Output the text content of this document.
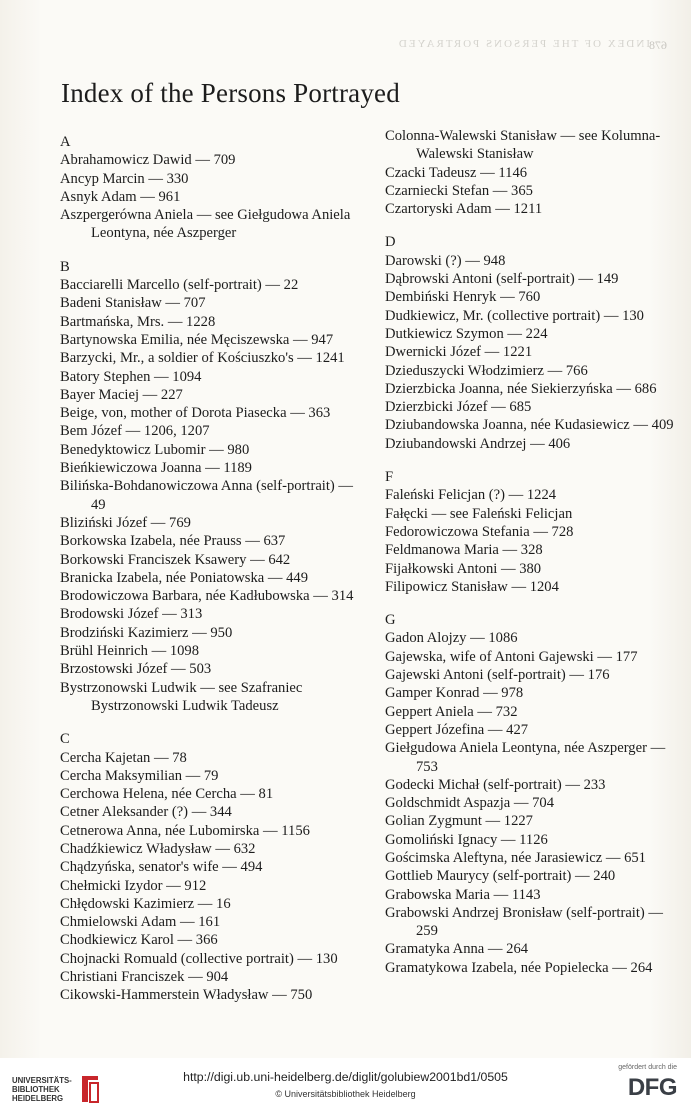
INDEX OF THE PERSONS PORTRAYED 678
Index of the Persons Portrayed
A
Abrahamowicz Dawid — 709
Ancyp Marcin — 330
Asnyk Adam — 961
Aszpergerówna Aniela — see Giełgudowa Aniela Leontyna, née Aszperger
B
Bacciarelli Marcello (self-portrait) — 22
Badeni Stanisław — 707
Bartmańska, Mrs. — 1228
Bartynowska Emilia, née Męciszewska — 947
Barzycki, Mr., a soldier of Kościuszko's — 1241
Batory Stephen — 1094
Bayer Maciej — 227
Beige, von, mother of Dorota Piasecka — 363
Bem Józef — 1206, 1207
Benedyktowicz Lubomir — 980
Bieńkiewiczowa Joanna — 1189
Bilińska-Bohdanowiczowa Anna (self-portrait) — 49
Bliziński Józef — 769
Borkowska Izabela, née Prauss — 637
Borkowski Franciszek Ksawery — 642
Branicka Izabela, née Poniatowska — 449
Brodowiczowa Barbara, née Kadłubowska — 314
Brodowski Józef — 313
Brodziński Kazimierz — 950
Brühl Heinrich — 1098
Brzostowski Józef — 503
Bystrzonowski Ludwik — see Szafraniec Bystrzonowski Ludwik Tadeusz
C
Cercha Kajetan — 78
Cercha Maksymilian — 79
Cerchowa Helena, née Cercha — 81
Cetner Aleksander (?) — 344
Cetnerowa Anna, née Lubomirska — 1156
Chadźkiewicz Władysław — 632
Chądzyńska, senator's wife — 494
Chełmicki Izydor — 912
Chłędowski Kazimierz — 16
Chmielowski Adam — 161
Chodkiewicz Karol — 366
Chojnacki Romuald (collective portrait) — 130
Christiani Franciszek — 904
Cikowski-Hammerstein Władysław — 750
Colonna-Walewski Stanisław — see Kolumna-Walewski Stanisław
Czacki Tadeusz — 1146
Czarniecki Stefan — 365
Czartoryski Adam — 1211
D
Darowski (?) — 948
Dąbrowski Antoni (self-portrait) — 149
Dembiński Henryk — 760
Dudkiewicz, Mr. (collective portrait) — 130
Dutkiewicz Szymon — 224
Dwernicki Józef — 1221
Dzieduszycki Włodzimierz — 766
Dzierzbicka Joanna, née Siekierzyńska — 686
Dzierzbicki Józef — 685
Dziubandowska Joanna, née Kudasiewicz — 409
Dziubandowski Andrzej — 406
F
Faleński Felicjan (?) — 1224
Fałęcki — see Faleński Felicjan
Fedorowiczowa Stefania — 728
Feldmanowa Maria — 328
Fijałkowski Antoni — 380
Filipowicz Stanisław — 1204
G
Gadon Alojzy — 1086
Gajewska, wife of Antoni Gajewski — 177
Gajewski Antoni (self-portrait) — 176
Gamper Konrad — 978
Geppert Aniela — 732
Geppert Józefina — 427
Giełgudowa Aniela Leontyna, née Aszperger — 753
Godecki Michał (self-portrait) — 233
Goldschmidt Aspazja — 704
Golian Zygmunt — 1227
Gomoliński Ignacy — 1126
Gościmska Aleftyna, née Jarasiewicz — 651
Gottlieb Maurycy (self-portrait) — 240
Grabowska Maria — 1143
Grabowski Andrzej Bronisław (self-portrait) — 259
Gramatyka Anna — 264
Gramatykowa Izabela, née Popielecka — 264
UNIVERSITÄTS-
BIBLIOTHEK
HEIDELBERG
http://digi.ub.uni-heidelberg.de/diglit/golubiew2001bd1/0505
© Universitätsbibliothek Heidelberg
gefördert durch die
DFG
